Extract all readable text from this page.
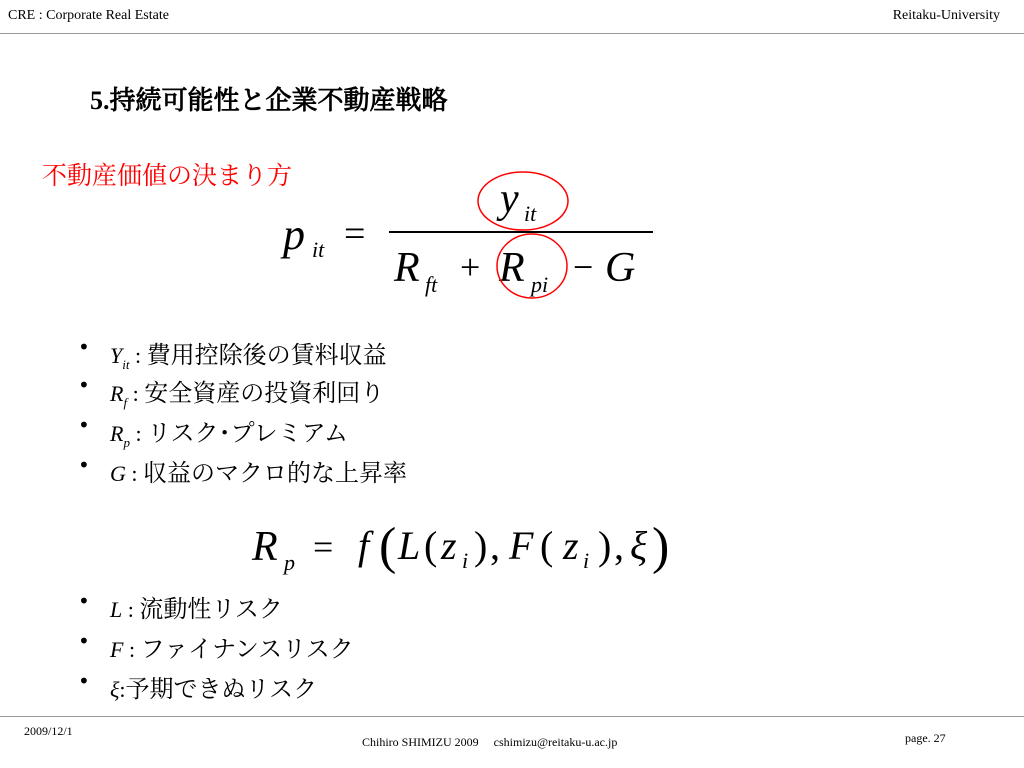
CRE : Corporate Real Estate	Reitaku-University
5.持続可能性と企業不動産戦略
不動産価値の決まり方
p it =
y it
R ft + R pi − G
• $Y_{it}$ : 費用控除後の賃料収益
• $R_f$ : 安全資産の投資利回り
• $R_p$ : リスク･プレミアム
• G : 収益のマクロ的な上昇率
R p = f ( L ( z i ) , F ( z i ) , ξ )
• L : 流動性リスク
• F : ファイナンスリスク
• ξ:予期できぬリスク
2009/12/1
Chihiro SHIMIZU 2009　 cshimizu@reitaku-u.ac.jp	page. 27
